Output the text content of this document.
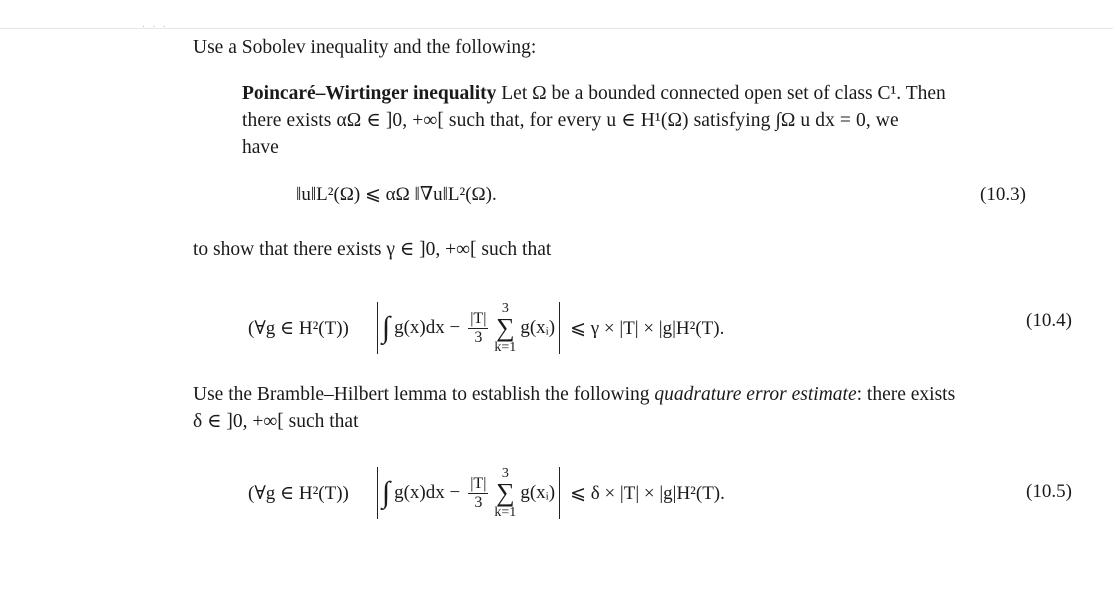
· · ·
Use a Sobolev inequality and the following:
Poincaré–Wirtinger inequality Let Ω be a bounded connected open set of class C¹. Then
there exists αΩ ∈ ]0, +∞[ such that, for every u ∈ H¹(Ω) satisfying ∫Ω u dx = 0, we
have
‖u‖L²(Ω) ⩽ αΩ ‖∇u‖L²(Ω).	(10.3)
to show that there exists γ ∈ ]0, +∞[ such that
(∀g ∈ H²(T)) ∫ $g(x)dx - \frac{|T|}{3}$
3
∑
k=1
g(xᵢ) ⩽ γ × |T| × |g|H²(T).	(10.4)
Use the Bramble–Hilbert lemma to establish the following quadrature error estimate: there exists
δ ∈ ]0, +∞[ such that
(∀g ∈ H²(T)) ∫ $g(x)dx - \frac{|T|}{3}$
3
∑
k=1
g(xᵢ) ⩽ δ × |T| × |g|H²(T).	(10.5)
